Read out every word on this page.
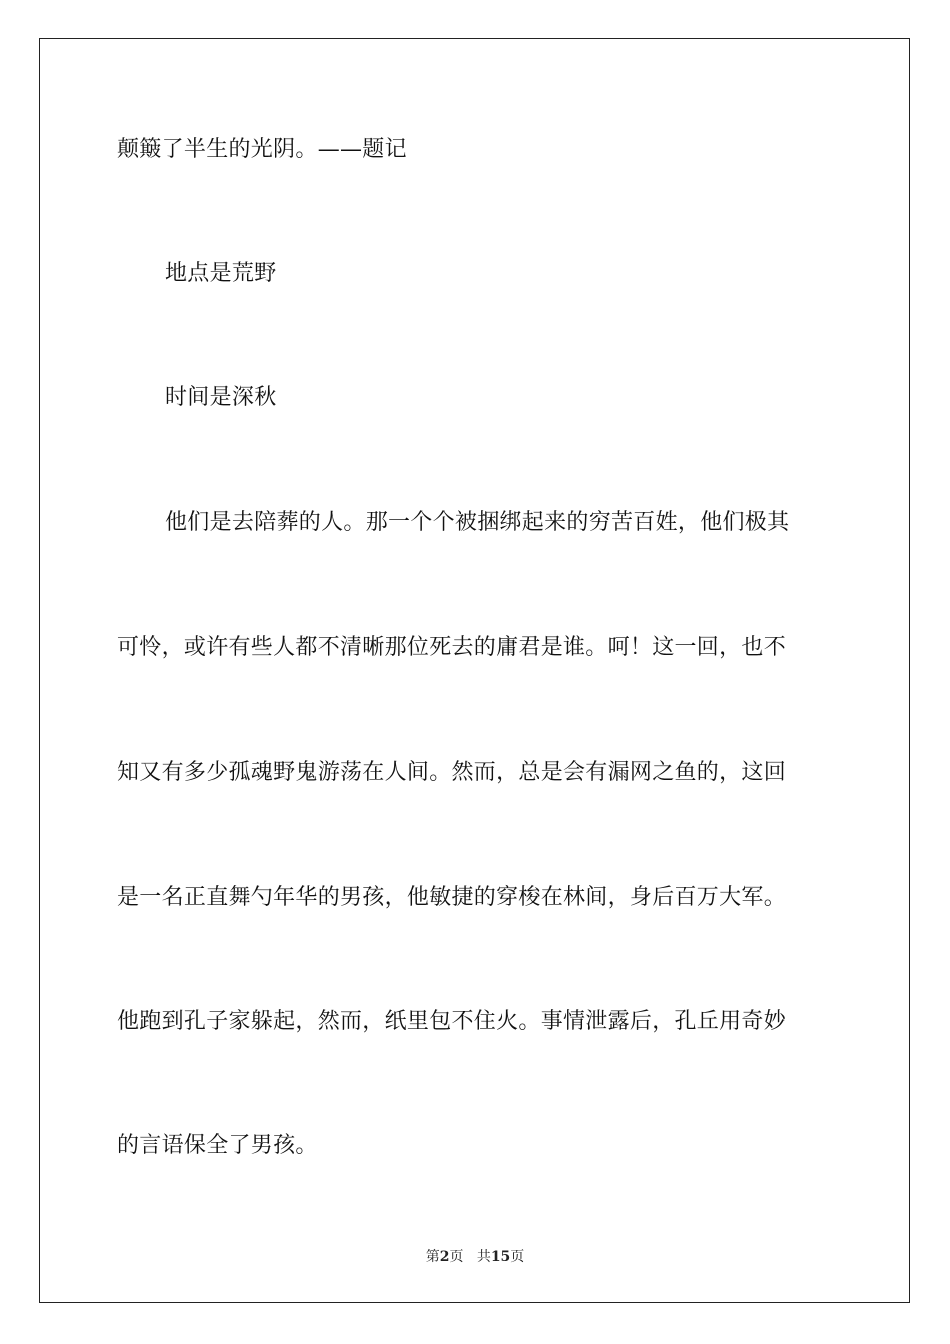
颠簸了半生的光阴。——题记
地点是荒野
时间是深秋
他们是去陪葬的人。那一个个被捆绑起来的穷苦百姓，他们极其
可怜，或许有些人都不清晰那位死去的庸君是谁。呵！这一回，也不
知又有多少孤魂野鬼游荡在人间。然而，总是会有漏网之鱼的，这回
是一名正直舞勺年华的男孩，他敏捷的穿梭在林间，身后百万大军。
他跑到孔子家躲起，然而，纸里包不住火。事情泄露后，孔丘用奇妙
的言语保全了男孩。
第2页 共15页
